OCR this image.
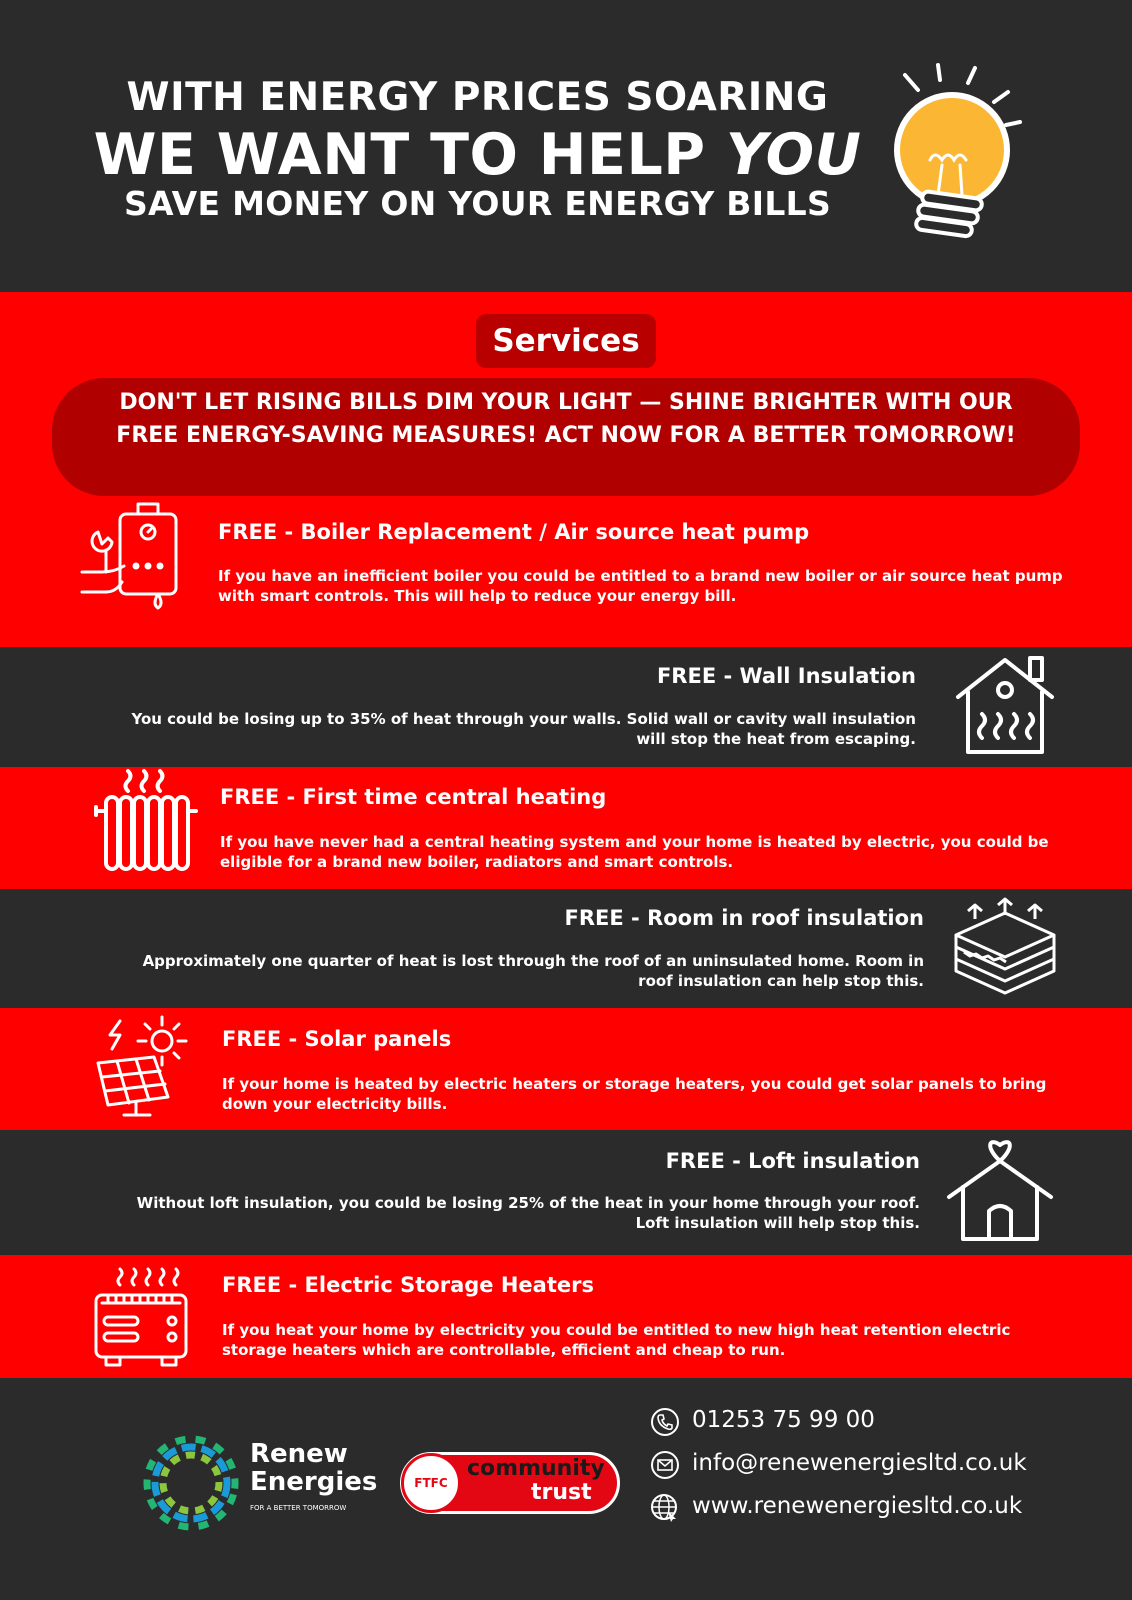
WITH ENERGY PRICES SOARING
WE WANT TO HELP YOU
SAVE MONEY ON YOUR ENERGY BILLS
Services
DON'T LET RISING BILLS DIM YOUR LIGHT — SHINE BRIGHTER WITH OUR FREE ENERGY-SAVING MEASURES! ACT NOW FOR A BETTER TOMORROW!
FREE - Boiler Replacement / Air source heat pump
If you have an inefficient boiler you could be entitled to a brand new boiler or air source heat pump with smart controls. This will help to reduce your energy bill.
FREE - Wall Insulation
You could be losing up to 35% of heat through your walls. Solid wall or cavity wall insulation will stop the heat from escaping.
FREE - First time central heating
If you have never had a central heating system and your home is heated by electric, you could be eligible for a brand new boiler, radiators and smart controls.
FREE - Room in roof insulation
Approximately one quarter of heat is lost through the roof of an uninsulated home. Room in roof insulation can help stop this.
FREE - Solar panels
If your home is heated by electric heaters or storage heaters, you could get solar panels to bring down your electricity bills.
FREE - Loft insulation
Without loft insulation, you could be losing 25% of the heat in your home through your roof. Loft insulation will help stop this.
FREE - Electric Storage Heaters
If you heat your home by electricity you could be entitled to new high heat retention electric storage heaters which are controllable, efficient and cheap to run.
Renew
Energies
FOR A BETTER TOMORROW
FTFC
community
trust
01253 75 99 00
info@renewenergiesltd.co.uk
www.renewenergiesltd.co.uk
